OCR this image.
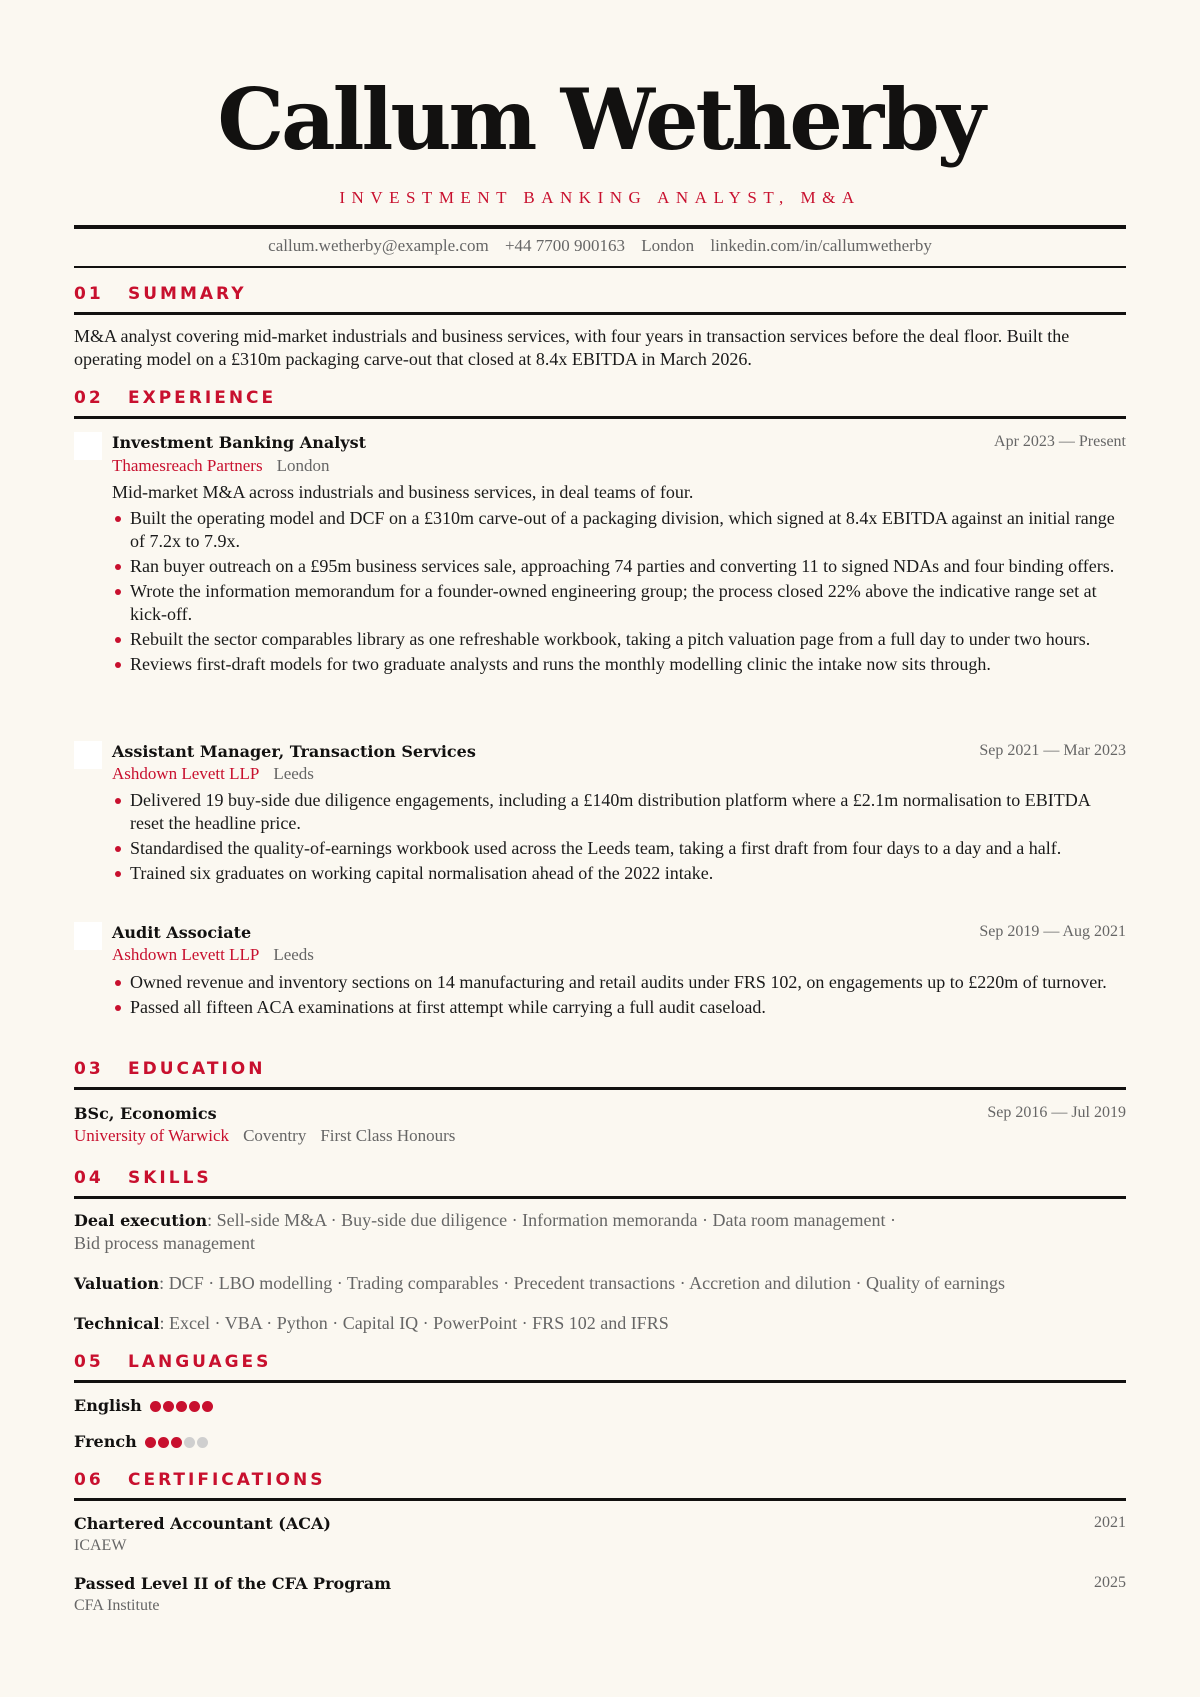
Callum Wetherby
INVESTMENT BANKING ANALYST, M&A
callum.wetherby@example.com +44 7700 900163 London linkedin.com/in/callumwetherby
01 SUMMARY
M&A analyst covering mid-market industrials and business services, with four years in transaction services before the deal floor. Built the operating model on a £310m packaging carve-out that closed at 8.4x EBITDA in March 2026.
02 EXPERIENCE
Investment Banking Analyst	Apr 2023 — Present
Thamesreach Partners London
Mid-market M&A across industrials and business services, in deal teams of four.
Built the operating model and DCF on a £310m carve-out of a packaging division, which signed at 8.4x EBITDA against an initial range of 7.2x to 7.9x.
Ran buyer outreach on a £95m business services sale, approaching 74 parties and converting 11 to signed NDAs and four binding offers.
Wrote the information memorandum for a founder-owned engineering group; the process closed 22% above the indicative range set at kick-off.
Rebuilt the sector comparables library as one refreshable workbook, taking a pitch valuation page from a full day to under two hours.
Reviews first-draft models for two graduate analysts and runs the monthly modelling clinic the intake now sits through.
Assistant Manager, Transaction Services	Sep 2021 — Mar 2023
Ashdown Levett LLP Leeds
Delivered 19 buy-side due diligence engagements, including a £140m distribution platform where a £2.1m normalisation to EBITDA reset the headline price.
Standardised the quality-of-earnings workbook used across the Leeds team, taking a first draft from four days to a day and a half.
Trained six graduates on working capital normalisation ahead of the 2022 intake.
Audit Associate	Sep 2019 — Aug 2021
Ashdown Levett LLP Leeds
Owned revenue and inventory sections on 14 manufacturing and retail audits under FRS 102, on engagements up to £220m of turnover.
Passed all fifteen ACA examinations at first attempt while carrying a full audit caseload.
03 EDUCATION
BSc, Economics	Sep 2016 — Jul 2019
University of Warwick Coventry First Class Honours
04 SKILLS
Deal execution: Sell-side M&A · Buy-side due diligence · Information memoranda · Data room management ·
Bid process management
Valuation: DCF · LBO modelling · Trading comparables · Precedent transactions · Accretion and dilution · Quality of earnings
Technical: Excel · VBA · Python · Capital IQ · PowerPoint · FRS 102 and IFRS
05 LANGUAGES
English
French
06 CERTIFICATIONS
Chartered Accountant (ACA)	2021
ICAEW
Passed Level II of the CFA Program	2025
CFA Institute
